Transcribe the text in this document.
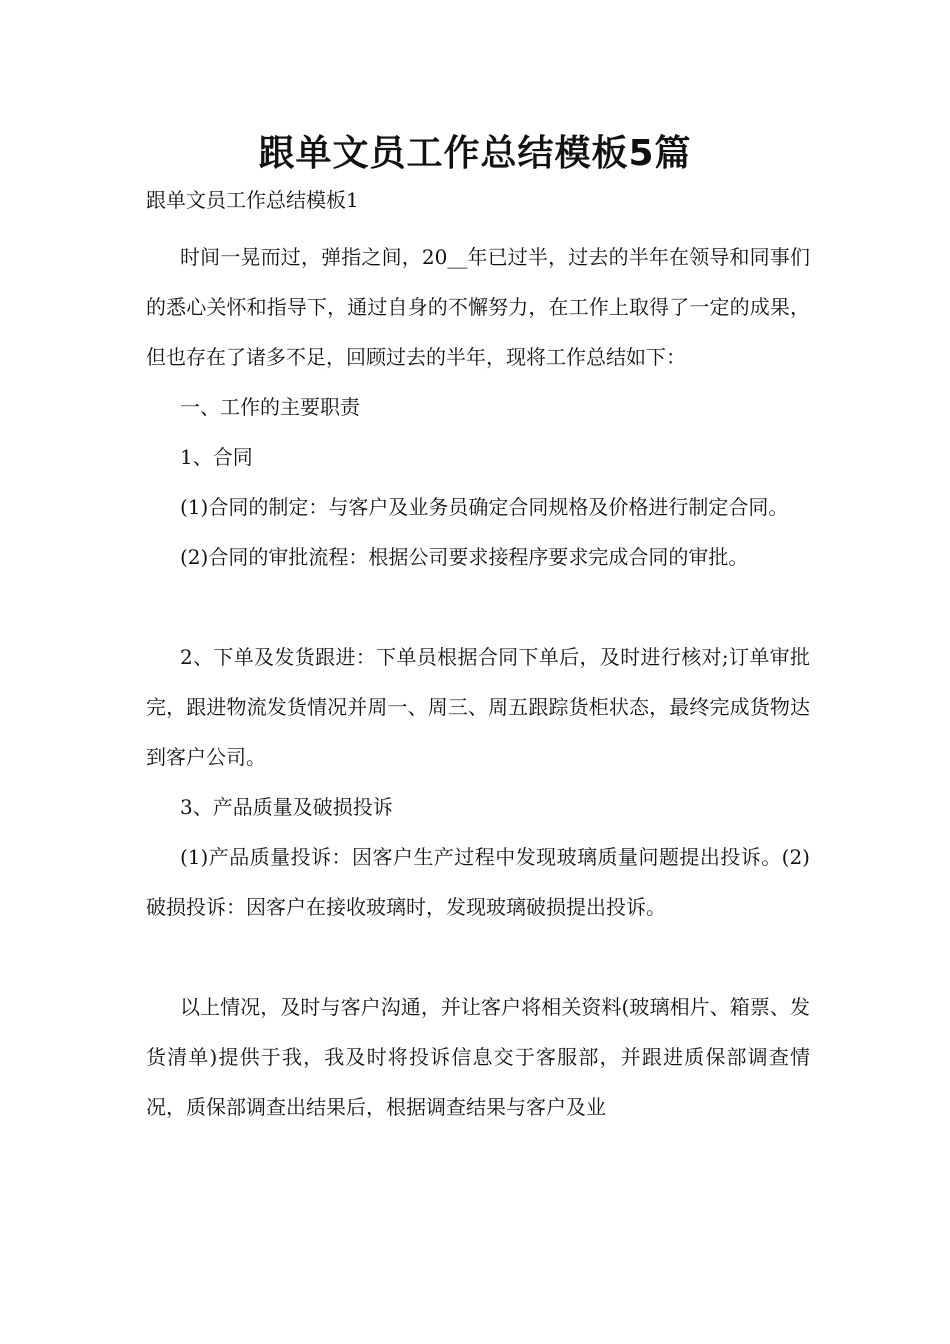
跟单文员工作总结模板5篇

跟单文员工作总结模板1

时间一晃而过，弹指之间，20__年已过半，过去的半年在领导和同事们的悉心关怀和指导下，通过自身的不懈努力，在工作上取得了一定的成果，但也存在了诸多不足，回顾过去的半年，现将工作总结如下：

一、工作的主要职责

1、合同

(1)合同的制定：与客户及业务员确定合同规格及价格进行制定合同。

(2)合同的审批流程：根据公司要求接程序要求完成合同的审批。

2、下单及发货跟进：下单员根据合同下单后，及时进行核对;订单审批完，跟进物流发货情况并周一、周三、周五跟踪货柜状态，最终完成货物达到客户公司。

3、产品质量及破损投诉

(1)产品质量投诉：因客户生产过程中发现玻璃质量问题提出投诉。(2)破损投诉：因客户在接收玻璃时，发现玻璃破损提出投诉。

以上情况，及时与客户沟通，并让客户将相关资料(玻璃相片、箱票、发货清单)提供于我，我及时将投诉信息交于客服部，并跟进质保部调查情况，质保部调查出结果后，根据调查结果与客户及业
